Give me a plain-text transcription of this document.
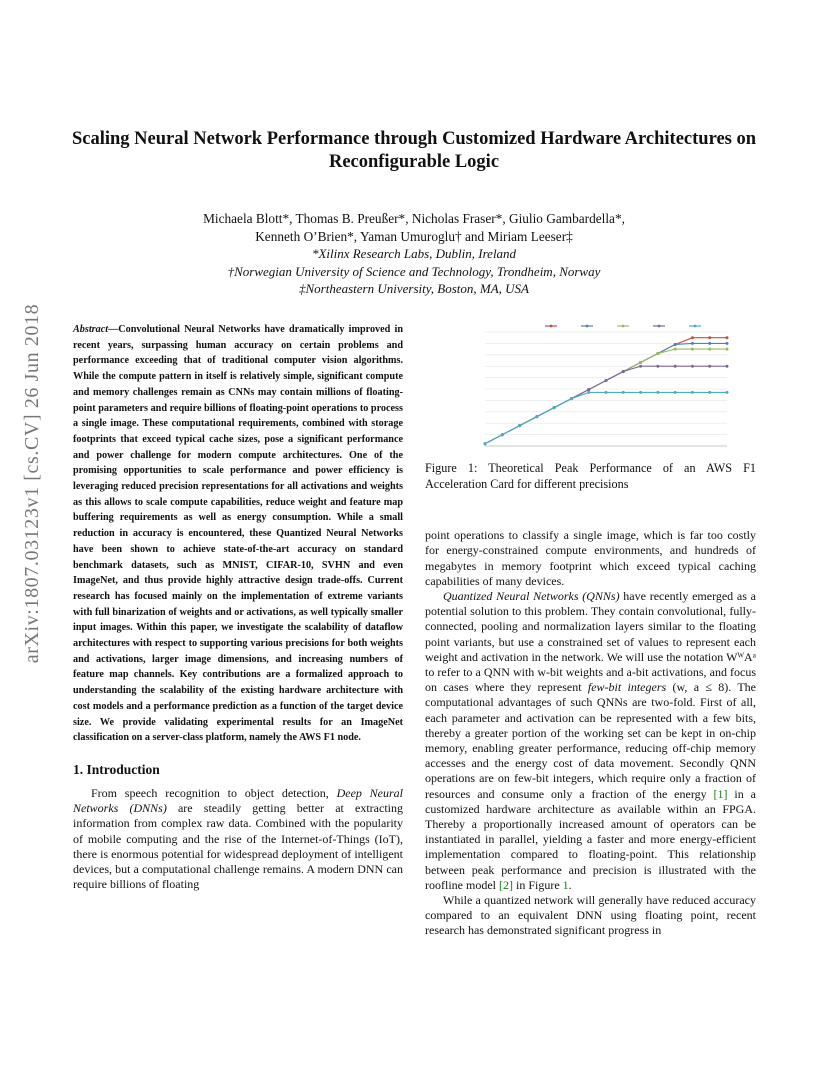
arXiv:1807.03123v1 [cs.CV] 26 Jun 2018
Scaling Neural Network Performance through Customized Hardware Architectures on Reconfigurable Logic
Michaela Blott*, Thomas B. Preußer*, Nicholas Fraser*, Giulio Gambardella*,
Kenneth O’Brien*, Yaman Umuroglu† and Miriam Leeser‡
*Xilinx Research Labs, Dublin, Ireland
†Norwegian University of Science and Technology, Trondheim, Norway
‡Northeastern University, Boston, MA, USA
Abstract—Convolutional Neural Networks have dramatically improved in recent years, surpassing human accuracy on certain problems and performance exceeding that of traditional computer vision algorithms. While the compute pattern in itself is relatively simple, significant compute and memory challenges remain as CNNs may contain millions of floating-point parameters and require billions of floating-point operations to process a single image. These computational requirements, combined with storage footprints that exceed typical cache sizes, pose a significant performance and power challenge for modern compute architectures. One of the promising opportunities to scale performance and power efficiency is leveraging reduced precision representations for all activations and weights as this allows to scale compute capabilities, reduce weight and feature map buffering requirements as well as energy consumption. While a small reduction in accuracy is encountered, these Quantized Neural Networks have been shown to achieve state-of-the-art accuracy on standard benchmark datasets, such as MNIST, CIFAR-10, SVHN and even ImageNet, and thus provide highly attractive design trade-offs. Current research has focused mainly on the implementation of extreme variants with full binarization of weights and or activations, as well typically smaller input images. Within this paper, we investigate the scalability of dataflow architectures with respect to supporting various precisions for both weights and activations, larger image dimensions, and increasing numbers of feature map channels. Key contributions are a formalized approach to understanding the scalability of the existing hardware architecture with cost models and a performance prediction as a function of the target device size. We provide validating experimental results for an ImageNet classification on a server-class platform, namely the AWS F1 node.
1. Introduction

From speech recognition to object detection, Deep Neural Networks (DNNs) are steadily getting better at extracting information from complex raw data. Combined with the popularity of mobile computing and the rise of the Internet-of-Things (IoT), there is enormous potential for widespread deployment of intelligent devices, but a computational challenge remains. A modern DNN can require billions of floating

Figure 1: Theoretical Peak Performance of an AWS F1 Acceleration Card for different precisions

point operations to classify a single image, which is far too costly for energy-constrained compute environments, and hundreds of megabytes in memory footprint which exceed typical caching capabilities of many devices.

Quantized Neural Networks (QNNs) have recently emerged as a potential solution to this problem. They contain convolutional, fully-connected, pooling and normalization layers similar to the floating point variants, but use a constrained set of values to represent each weight and activation in the network. We will use the notation WᵂAᵃ to refer to a QNN with w-bit weights and a-bit activations, and focus on cases where they represent few-bit integers (w, a ≤ 8). The computational advantages of such QNNs are two-fold. First of all, each parameter and activation can be represented with a few bits, thereby a greater portion of the working set can be kept in on-chip memory, enabling greater performance, reducing off-chip memory accesses and the energy cost of data movement. Secondly QNN operations are on few-bit integers, which require only a fraction of resources and consume only a fraction of the energy [1] in a customized hardware architecture as available within an FPGA. Thereby a proportionally increased amount of operators can be instantiated in parallel, yielding a faster and more energy-efficient implementation compared to floating-point. This relationship between peak performance and precision is illustrated with the roofline model [2] in Figure 1.

While a quantized network will generally have reduced accuracy compared to an equivalent DNN using floating point, recent research has demonstrated significant progress in
